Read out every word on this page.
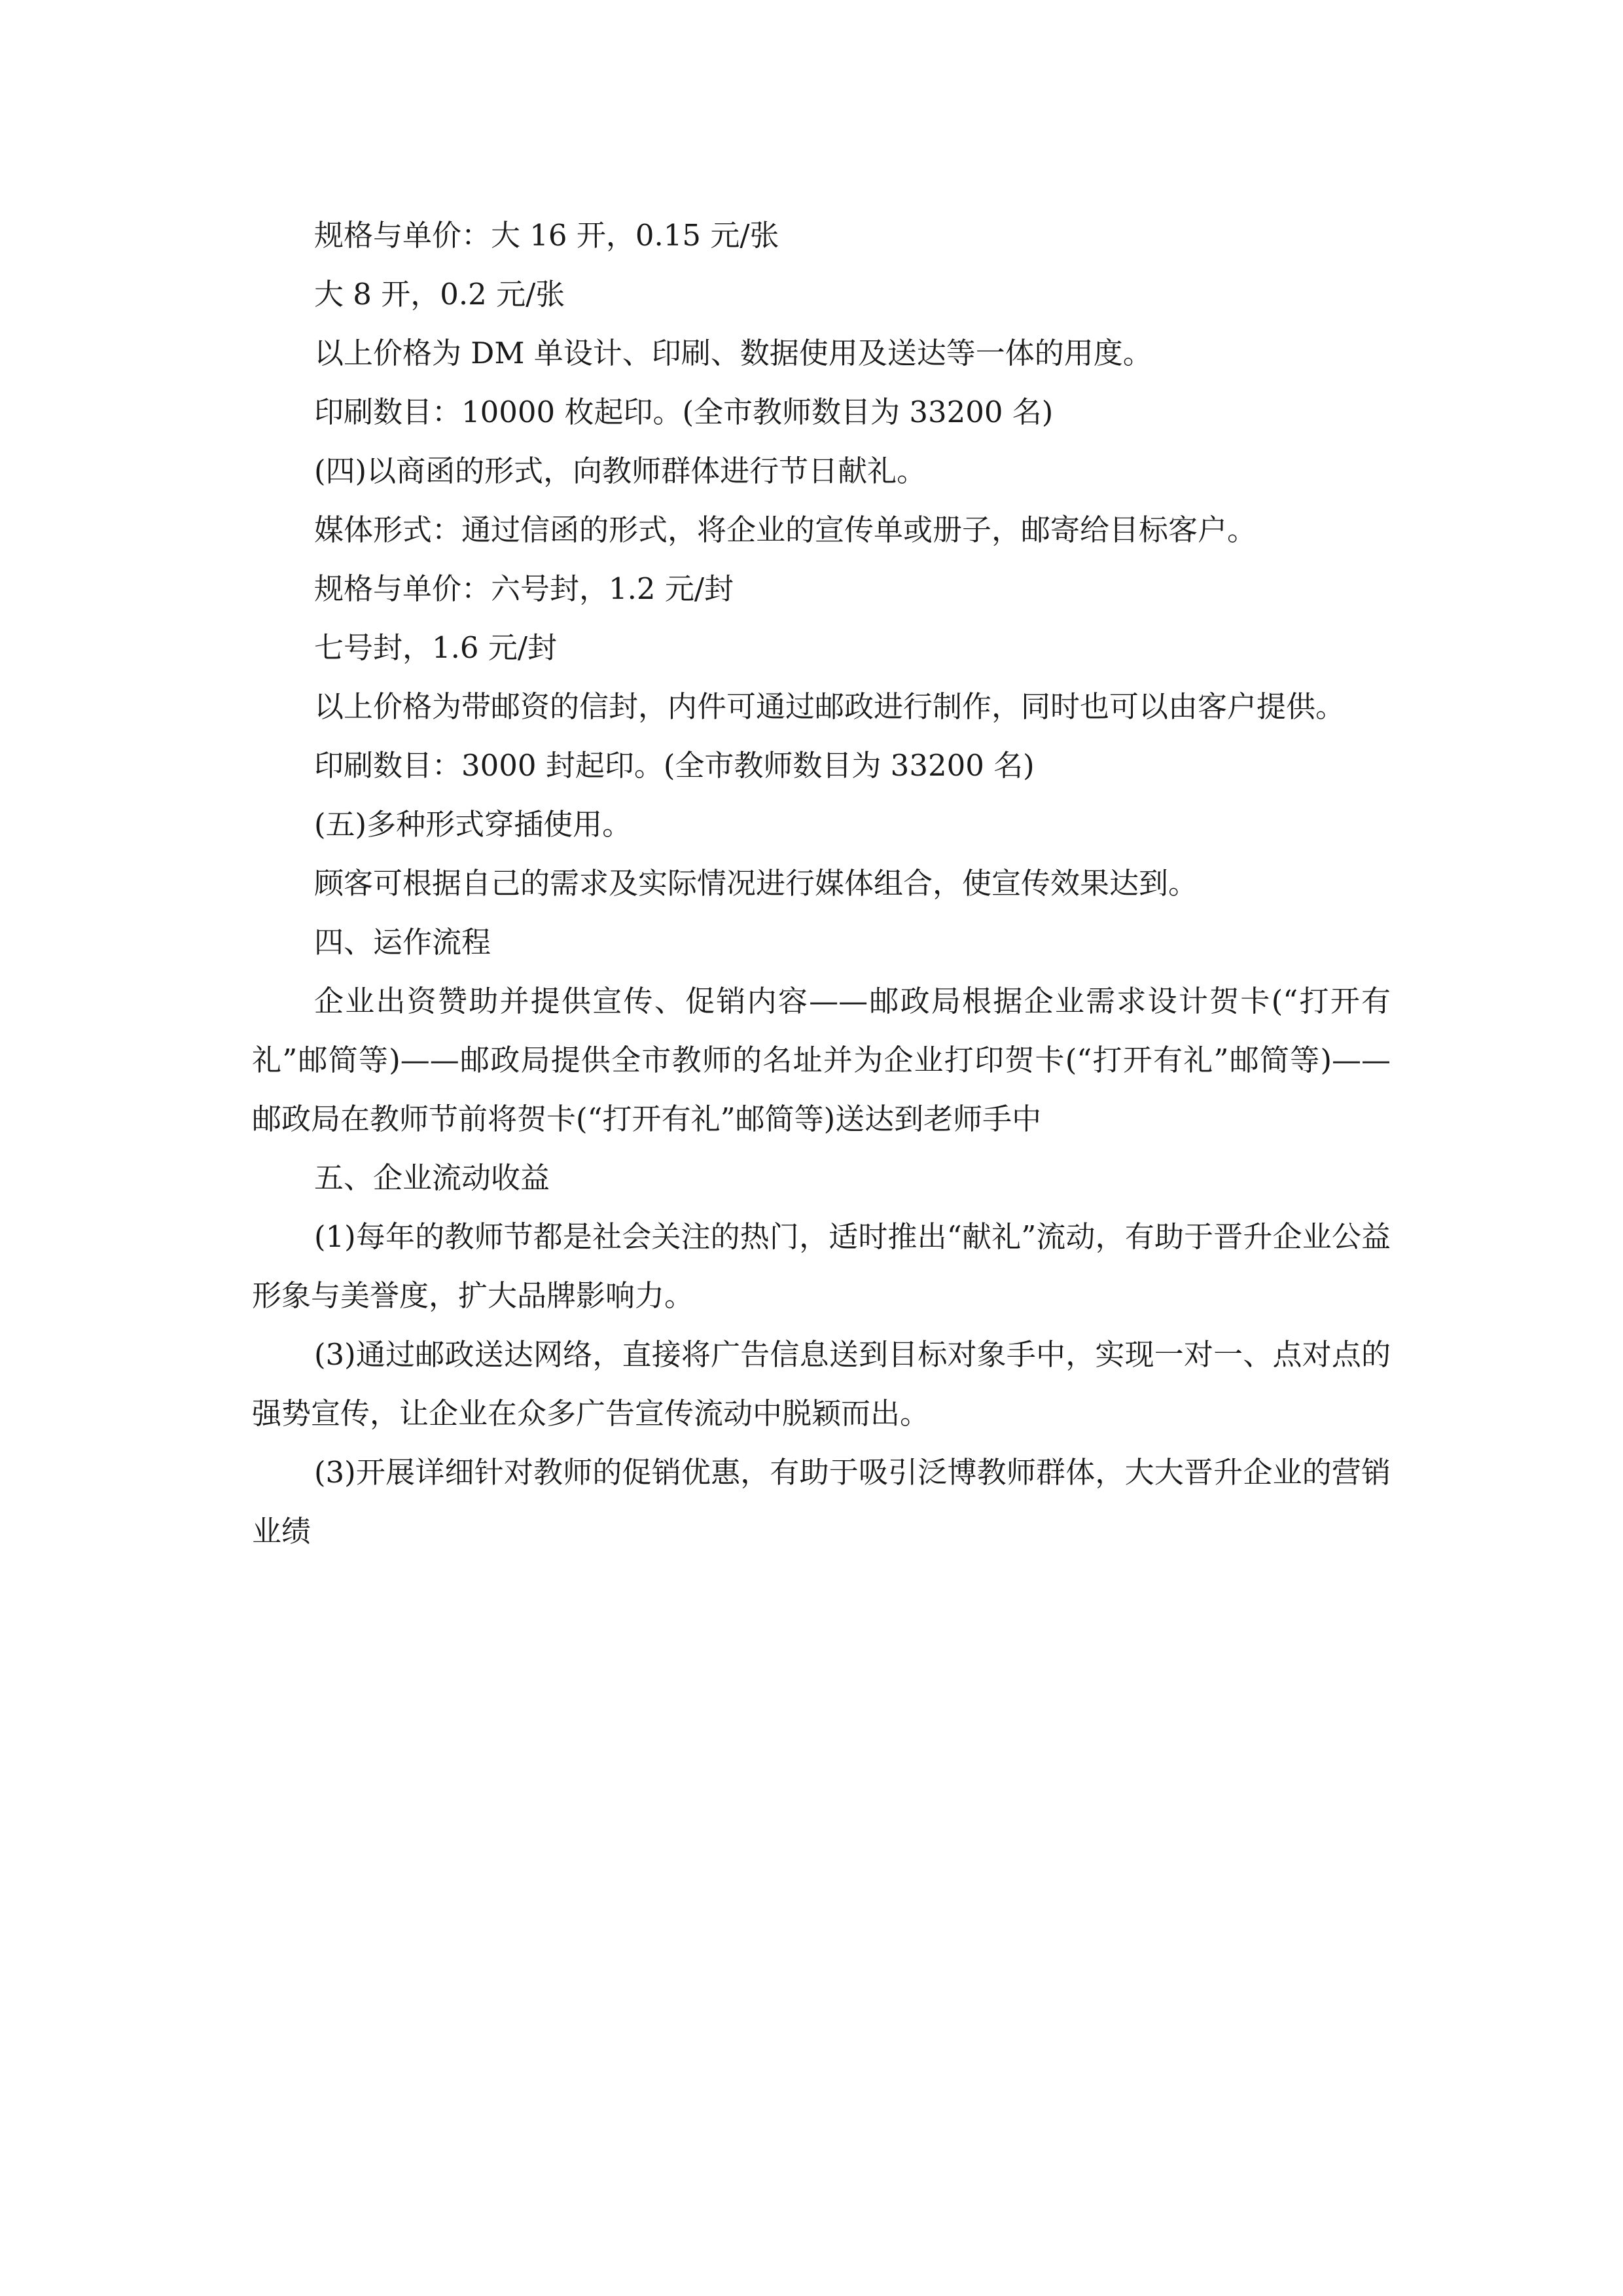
规格与单价：大 16 开，0.15 元/张

大 8 开，0.2 元/张

以上价格为 DM 单设计、印刷、数据使用及送达等一体的用度。

印刷数目：10000 枚起印。(全市教师数目为 33200 名)

(四)以商函的形式，向教师群体进行节日献礼。

媒体形式：通过信函的形式，将企业的宣传单或册子，邮寄给目标客户。

规格与单价：六号封，1.2 元/封

七号封，1.6 元/封

以上价格为带邮资的信封，内件可通过邮政进行制作，同时也可以由客户提供。

印刷数目：3000 封起印。(全市教师数目为 33200 名)

(五)多种形式穿插使用。

顾客可根据自己的需求及实际情况进行媒体组合，使宣传效果达到。

四、运作流程

企业出资赞助并提供宣传、促销内容——邮政局根据企业需求设计贺卡(“打开有礼”邮简等)——邮政局提供全市教师的名址并为企业打印贺卡(“打开有礼”邮简等)——邮政局在教师节前将贺卡(“打开有礼”邮简等)送达到老师手中

五、企业流动收益

(1)每年的教师节都是社会关注的热门，适时推出“献礼”流动，有助于晋升企业公益形象与美誉度，扩大品牌影响力。

(3)通过邮政送达网络，直接将广告信息送到目标对象手中，实现一对一、点对点的强势宣传，让企业在众多广告宣传流动中脱颖而出。

(3)开展详细针对教师的促销优惠，有助于吸引泛博教师群体，大大晋升企业的营销业绩
